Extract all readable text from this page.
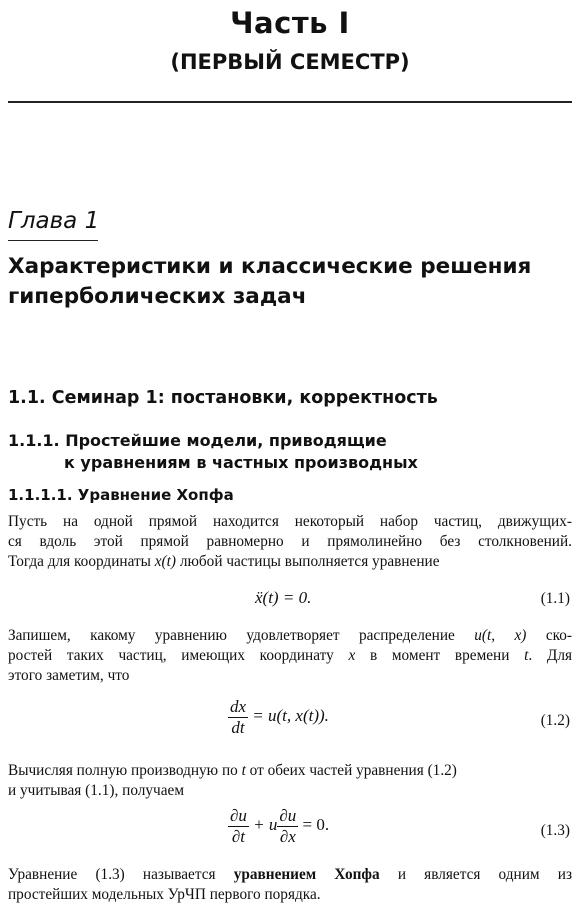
Часть I
(ПЕРВЫЙ СЕМЕСТР)
Глава 1
Характеристики и классические решения
гиперболических задач
1.1. Семинар 1: постановки, корректность
1.1.1. Простейшие модели, приводящие
к уравнениям в частных производных
1.1.1.1. Уравнение Хопфа
Пусть на одной прямой находится некоторый набор частиц, движущих-
ся вдоль этой прямой равномерно и прямолинейно без столкновений.
Тогда для координаты x(t) любой частицы выполняется уравнение
ẍ(t) = 0.	(1.1)
Запишем, какому уравнению удовлетворяет распределение u(t, x) ско-
ростей таких частиц, имеющих координату x в момент времени t. Для
этого заметим, что
$\frac{dx}{dt} = u(t$, x(t)).	(1.2)
Вычисляя полную производную по t от обеих частей уравнения (1.2)
и учитывая (1.1), получаем
$\frac{\partial u}{\partial t} + u \frac{\partial u}{\partial x} = 0$.	(1.3)
Уравнение (1.3) называется уравнением Хопфа и является одним из
простейших модельных УрЧП первого порядка.
